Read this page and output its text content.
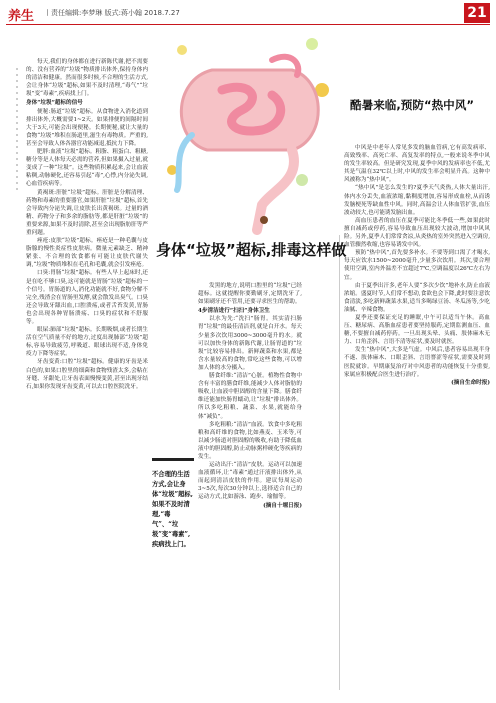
养生 丨责任编辑:李梦琳 版式:蒋小翰 2018.7.27	21
身体“垃圾”超标,排毒这样做

每天,我们的身体都在进行新陈代谢,把不需要的、没有营养的“垃圾”物质排出体外,保持身体内的清洁和健康。然而很多时候,不合理的生活方式,会让身体“垃圾”超标,如果不及时清理,“毒气”“垃圾”变“毒素”,疾病找上门。

身体“垃圾”超标的信号

便秘:肠道“垃圾”超标。从食物进入消化道到排出体外,大概需要1~2天。如果排便的间隔时间大于3天,可能会出现便秘。长期便秘,就让大量的食物“垃圾”堆积在肠道里,滋生有毒物质。严重的,甚至会导致人体各器官功能减退,抵抗力下降。

肥胖:血液“垃圾”超标。粗脂、粗蛋白、粗糖,糖分等是人体每天必需的营养,但如果摄入过量,就变成了一种“垃圾”。这些物质积累起来,会让血液粘稠,动脉硬化,还容易引起“毒”,心悸,内分泌失调,心血管疾病等。

黄褐斑:肝脏“垃圾”超标。肝脏是分解清理、药物和毒素的重要器官,如果肝脏“垃圾”超标,首先会导致内分泌失调,让皮肤长出黄褐斑。过量的酒精、药物分子和多余的脂肪等,都是肝脏“垃圾”的重要来源,如果不及时清除,甚至会出现脂肪肝等严重问题。

痤疮:皮肤“垃圾”超标。痤疮是一种毛囊与皮脂腺的慢性炎症性皮肤病。微量元素缺乏、精神紧张、不合理的饮食都有可能让皮肤代谢失调,“垃圾”物质堆积在毛孔和毛囊,就会引发痤疮。

口臭:胃肠“垃圾”超标。有些人早上起床时,还是在吃不够口臭,这可能就是胃肠“垃圾”超标的一个信号。胃肠道的人,消化功能就不好,食物分解不完全,残渣会在胃肠里发酵,就会散发出臭气。口臭还会导致牙龈出血,口腔溃疡,或者舌苔发黄,胃肠也会出现各种胃肠溃疡、口臭的症状和不舒服等。

眼屎:肺部“垃圾”超标。长期吸烟,或者长期生活在空气质量不好的地方,过度出现肺部“垃圾”超标,容易导致疲劳,呼吸道、眼球出现不适,身体免疫力下降等症状。

牙齿变黄:口腔“垃圾”超标。健康的牙齿是米白色的,如果口腔里的细菌和食物残渣太多,会粘在牙缝、牙龈处,让牙齿表面慢慢变黄,甚至出现牙结石,如果你发现牙齿变黄,可以去口腔医院洗牙。

不合理的生活方式,会让身体“垃圾”超标,如果不及时清理,“毒气”、“垃圾”变“毒素”,疾病找上门。

发黑的地方,说明口腔里的“垃圾”已经超标。这就提醒你要勤刷牙,定期洗牙了,如果刷牙还不管用,还要寻求医生的帮助。

4步清洁进行“扫扫”身体卫生

以水为先:“洗扫”肠胃。其实清扫肠胃“垃圾”的最佳清洁剂,就是白开水。每天少量多次饮用3000~3000毫升的水。就可以加快身体的新陈代谢,让肠胃道的“垃圾”比较容易排出。新鲜蔬菜和水果,都是含水量较高的食物,常吃这些食物,可以增加人体的水分摄入。

膳食纤维:“清洁”心脏。植物性食物中含有丰富的膳食纤维,能减少人体对脂肪的吸收,让血液中胆固醇的含量下降。膳食纤维还能加快肠胃蠕动,让“垃圾”排出体外。所以多吃粗粮、蔬菜、水果,就能给身体“减负”。

多吃粗粮:“清洁”血液。饮食中多吃粗粮和高纤维的食物,比如燕麦、玉米等,可以减少肠道对胆固醇的吸收,有助于降低血液中的胆固醇,防止动脉粥样硬化等疾病的发生。

运动出汗:“清洁”皮肤。运动可以加速血液循环,让“毒素”通过汗液排出体外,从而起到清洁皮肤的作用。建议每周运动3~5次,每次30分钟以上,选择适合自己的运动方式,比如游泳、跑步、瑜伽等。

(摘自十堰日报)

酷暑来临,预防“热中风”

中风是中老年人常见多发的脑血管病,它有高发病率、高致残率、高死亡率、高复发率的特点,一般来说冬季中风的发生率较高。但是研究发现,夏季中风的发病率也不低,尤其是气温在32℃以上时,中风的发生率会明显升高。这种中风被称为“热中风”。

“热中风”是怎么发生的?夏季天气炎热,人体大量出汗,体内水分丢失,血液浓缩,黏稠度增加,容易形成血栓,从而诱发脑梗死等缺血性中风。同时,高温会让人体血管扩张,血压波动较大,也可能诱发脑出血。

高血压患者的血压在夏季可能比冬季低一些,如果此时擅自减药或停药,容易导致血压出现较大波动,增加中风风险。另外,夏季人们常常贪凉,从炎热的室外突然进入空调房,血管骤然收缩,也容易诱发中风。

预防“热中风”,首先要多补水。不要等到口渴了才喝水,每天应饮水1500~2000毫升,少量多次饮用。其次,要合理使用空调,室内外温差不宜超过7℃,空调温度以26℃左右为宜。

由于夏季出汗多,老年人要“多次少饮”地补水,防止血液浓缩。盛夏时节,人们常不想动,食欲也会下降,此时要注意饮食清淡,多吃新鲜蔬菜水果,适当多喝绿豆汤、冬瓜汤等,少吃油腻、辛辣食物。

夏季还要保证充足的睡眠,中午可以适当午休。高血压、糖尿病、高脂血症患者要坚持服药,定期监测血压、血糖,不要擅自减药停药。一旦出现头晕、头痛、肢体麻木无力、口角歪斜、言语不清等症状,要及时就医。

发生“热中风”,大多是气虚。中风后,患者容易出现半身不遂、肢体麻木、口眼歪斜、言语謇涩等症状,需要及时到医院就诊。早期康复治疗对中风患者的功能恢复十分重要,家属应积极配合医生进行治疗。

(摘自生命时报)
